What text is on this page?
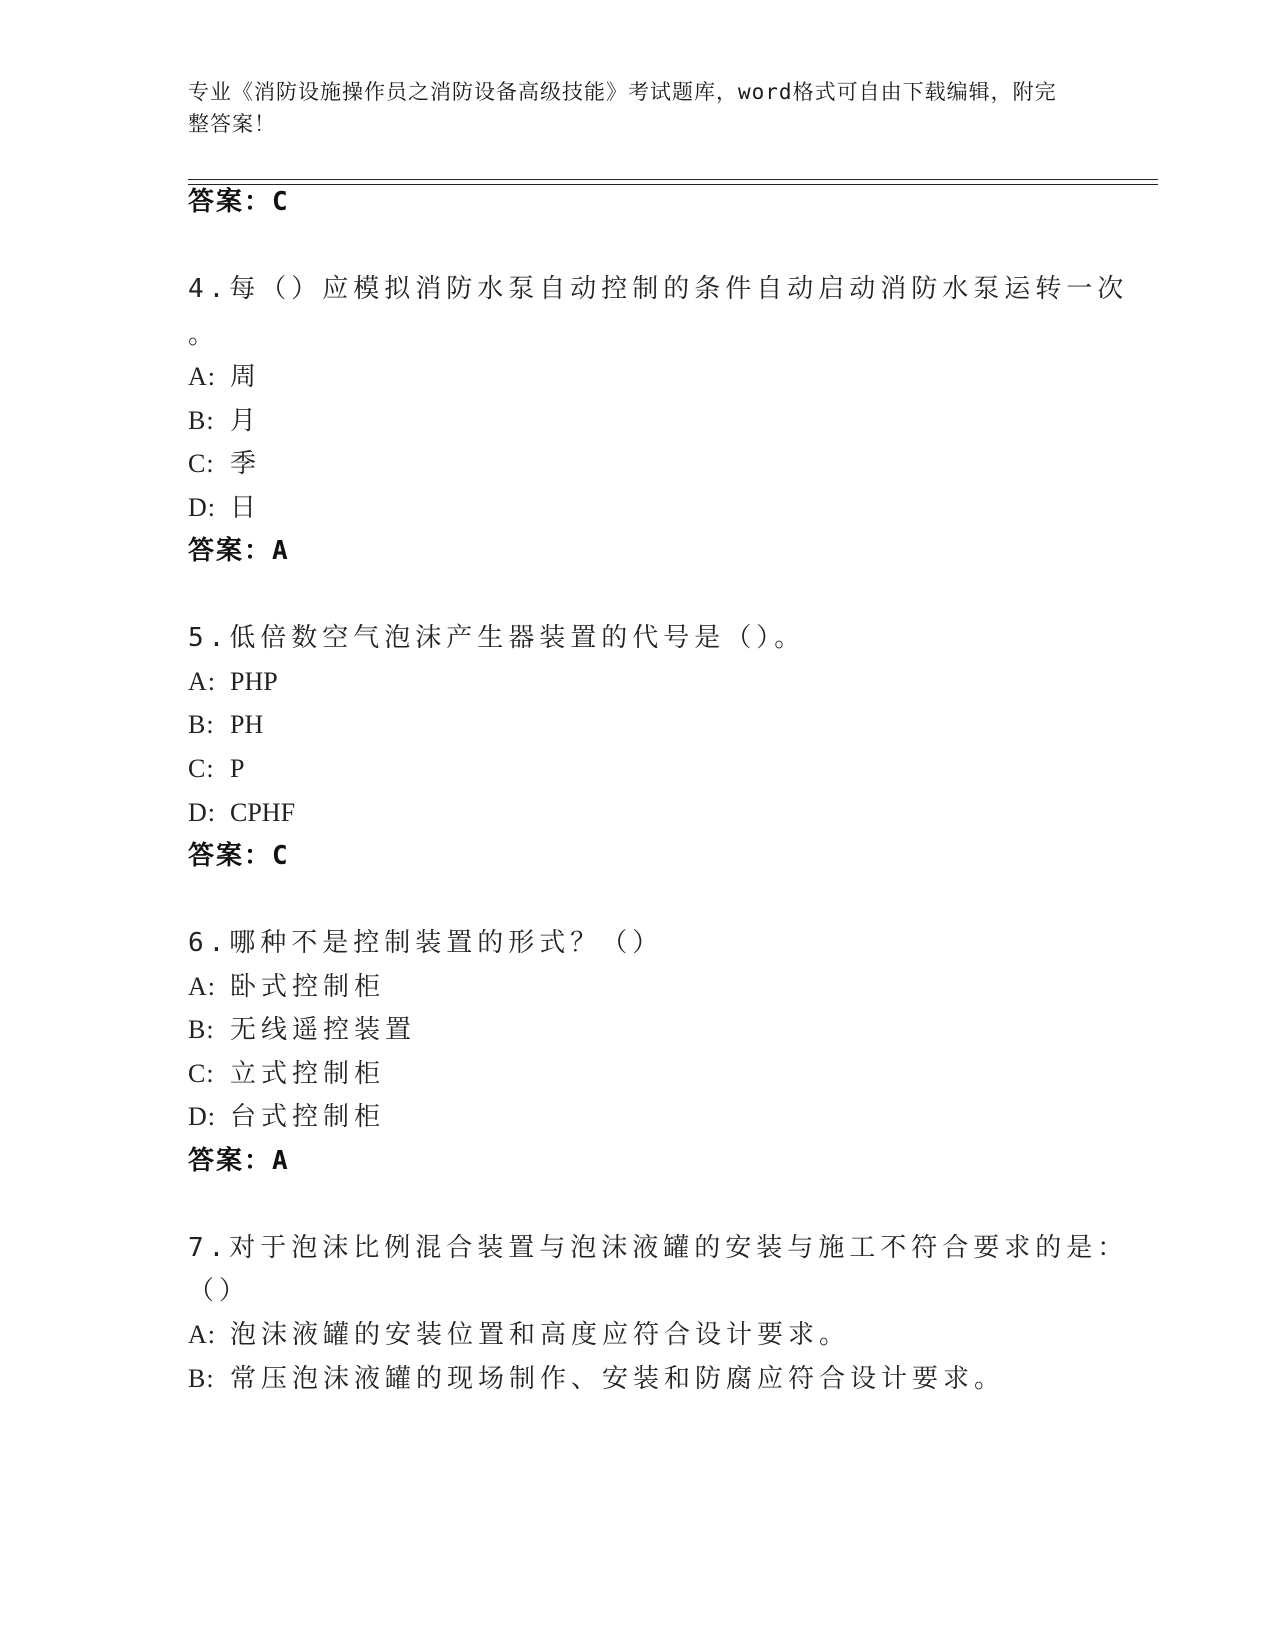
专业《消防设施操作员之消防设备高级技能》考试题库，word格式可自由下载编辑，附完整答案！
答案：C
4.每（）应模拟消防水泵自动控制的条件自动启动消防水泵运转一次
。
A: 周
B: 月
C: 季
D: 日
答案：A
5.低倍数空气泡沫产生器装置的代号是（）。
A: PHP
B: PH
C: P
D: CPHF
答案：C
6.哪种不是控制装置的形式？（）
A: 卧式控制柜
B: 无线遥控装置
C: 立式控制柜
D: 台式控制柜
答案：A
7.对于泡沫比例混合装置与泡沫液罐的安装与施工不符合要求的是：
（）
A: 泡沫液罐的安装位置和高度应符合设计要求。
B: 常压泡沫液罐的现场制作、安装和防腐应符合设计要求。
